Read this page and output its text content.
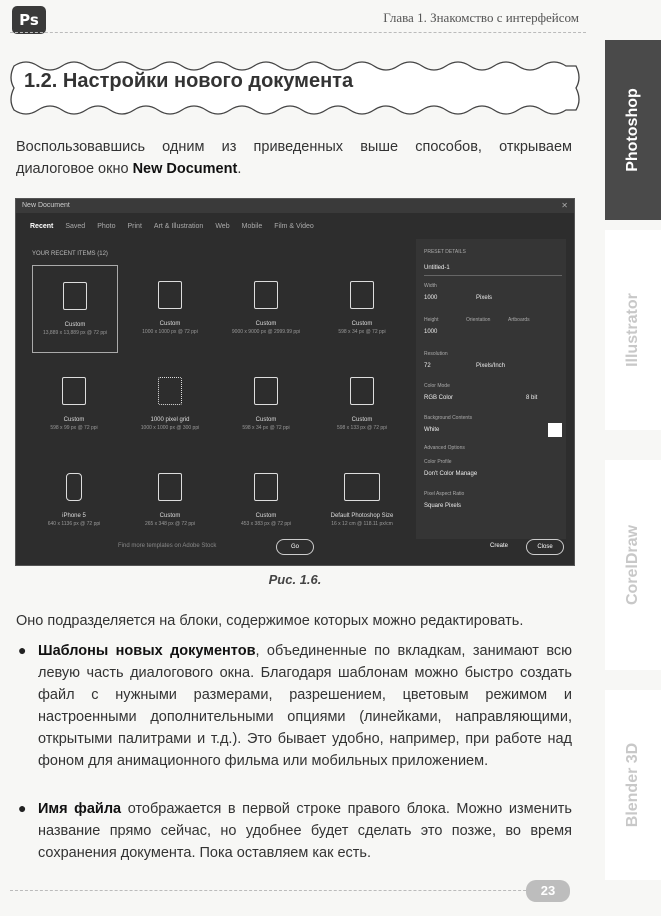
Ps	Глава 1. Знакомство с интерфейсом
1.2. Настройки нового документа
Photoshop
Illustrator
CorelDraw
Blender 3D
Воспользовавшись одним из приведенных выше способов, открываем диалоговое окно New Document.
New Document	✕
Recent Saved Photo Print Art & Illustration Web Mobile Film & Video
YOUR RECENT ITEMS (12)
Custom
13,889 x 13,889 px @ 72 ppi
Custom
1000 x 1000 px @ 72 ppi
Custom
9000 x 9000 px @ 2999.99 ppi
Custom
598 x 34 px @ 72 ppi
Custom
598 x 99 px @ 72 ppi
1000 pixel grid
1000 x 1000 px @ 300 ppi
Custom
598 x 34 px @ 72 ppi
Custom
598 x 133 px @ 72 ppi
iPhone 5
640 x 1136 px @ 72 ppi
Custom
265 x 348 px @ 72 ppi
Custom
453 x 383 px @ 72 ppi
Default Photoshop Size
16 x 12 cm @ 118.11 px/cm
PRESET DETAILS
Untitled-1
Width
1000	Pixels
Height
1000
Orientation	Artboards
Resolution
72	Pixels/Inch
Color Mode
RGB Color	8 bit
Background Contents
White
Advanced Options
Color Profile
Don't Color Manage
Pixel Aspect Ratio
Square Pixels
Find more templates on Adobe Stock	Go	Create	Close
Рис. 1.6.
Оно подразделяется на блоки, содержимое которых можно редактировать.
● Шаблоны новых документов, объединенные по вкладкам, занимают всю левую часть диалогового окна. Благодаря шаблонам можно быстро создать файл с нужными размерами, разрешением, цветовым режимом и настроенными дополнительными опциями (линейками, направляющими, открытыми палитрами и т.д.). Это бывает удобно, например, при работе над фоном для анимационного фильма или мобильных приложением.
● Имя файла отображается в первой строке правого блока. Можно изменить название прямо сейчас, но удобнее будет сделать это позже, во время сохранения документа. Пока оставляем как есть.
23
